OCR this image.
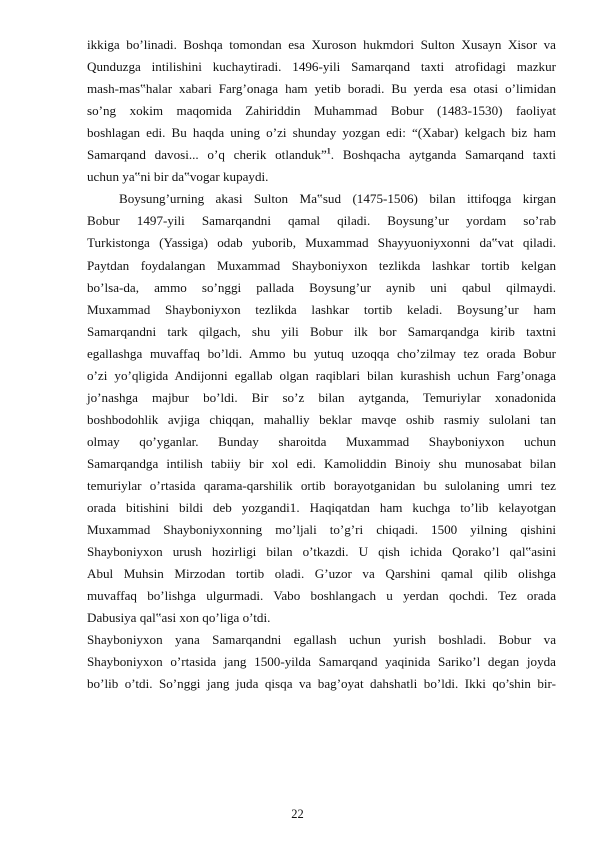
ikkiga bo’linadi. Boshqa tomondan esa Xuroson hukmdori Sulton Xusayn Xisor va
Qunduzga intilishini kuchaytiradi. 1496-yili Samarqand taxti atrofidagi mazkur
mash-mas‟halar xabari Farg’onaga ham yetib boradi. Bu yerda esa otasi o’limidan
so’ng xokim maqomida Zahiriddin Muhammad Bobur (1483-1530) faoliyat
boshlagan edi. Bu haqda uning o’zi shunday yozgan edi: “(Xabar) kelgach biz ham
Samarqand davosi... o’q cherik otlanduk”$^1$. Boshqacha aytganda Samarqand taxti
uchun ya‟ni bir da‟vogar kupaydi.
Boysung’urning akasi Sulton Ma‟sud (1475-1506) bilan ittifoqga kirgan
Bobur 1497-yili Samarqandni qamal qiladi. Boysung’ur yordam so’rab
Turkistonga (Yassiga) odab yuborib, Muxammad Shayyuoniyxonni da‟vat qiladi.
Paytdan foydalangan Muxammad Shayboniyxon tezlikda lashkar tortib kelgan
bo’lsa-da, ammo so’nggi pallada Boysung’ur aynib uni qabul qilmaydi.
Muxammad Shayboniyxon tezlikda lashkar tortib keladi. Boysung’ur ham
Samarqandni tark qilgach, shu yili Bobur ilk bor Samarqandga kirib taxtni
egallashga muvaffaq bo’ldi. Ammo bu yutuq uzoqqa cho’zilmay tez orada Bobur
o’zi yo’qligida Andijonni egallab olgan raqiblari bilan kurashish uchun Farg’onaga
jo’nashga majbur bo’ldi. Bir so’z bilan aytganda, Temuriylar xonadonida
boshbodohlik avjiga chiqqan, mahalliy beklar mavqe oshib rasmiy sulolani tan
olmay qo’yganlar. Bunday sharoitda Muxammad Shayboniyxon uchun
Samarqandga intilish tabiiy bir xol edi. Kamoliddin Binoiy shu munosabat bilan
temuriylar o’rtasida qarama-qarshilik ortib borayotganidan bu sulolaning umri tez
orada bitishini bildi deb yozgandi1. Haqiqatdan ham kuchga to’lib kelayotgan
Muxammad Shayboniyxonning mo’ljali to’g’ri chiqadi. 1500 yilning qishini
Shayboniyxon urush hozirligi bilan o’tkazdi. U qish ichida Qorako’l qal‟asini
Abul Muhsin Mirzodan tortib oladi. G’uzor va Qarshini qamal qilib olishga
muvaffaq bo’lishga ulgurmadi. Vabo boshlangach u yerdan qochdi. Tez orada
Dabusiya qal‟asi xon qo’liga o’tdi.
Shayboniyxon yana Samarqandni egallash uchun yurish boshladi. Bobur va
Shayboniyxon o’rtasida jang 1500-yilda Samarqand yaqinida Sariko’l degan joyda
bo’lib o’tdi. So’nggi jang juda qisqa va bag’oyat dahshatli bo’ldi. Ikki qo’shin bir-
22
